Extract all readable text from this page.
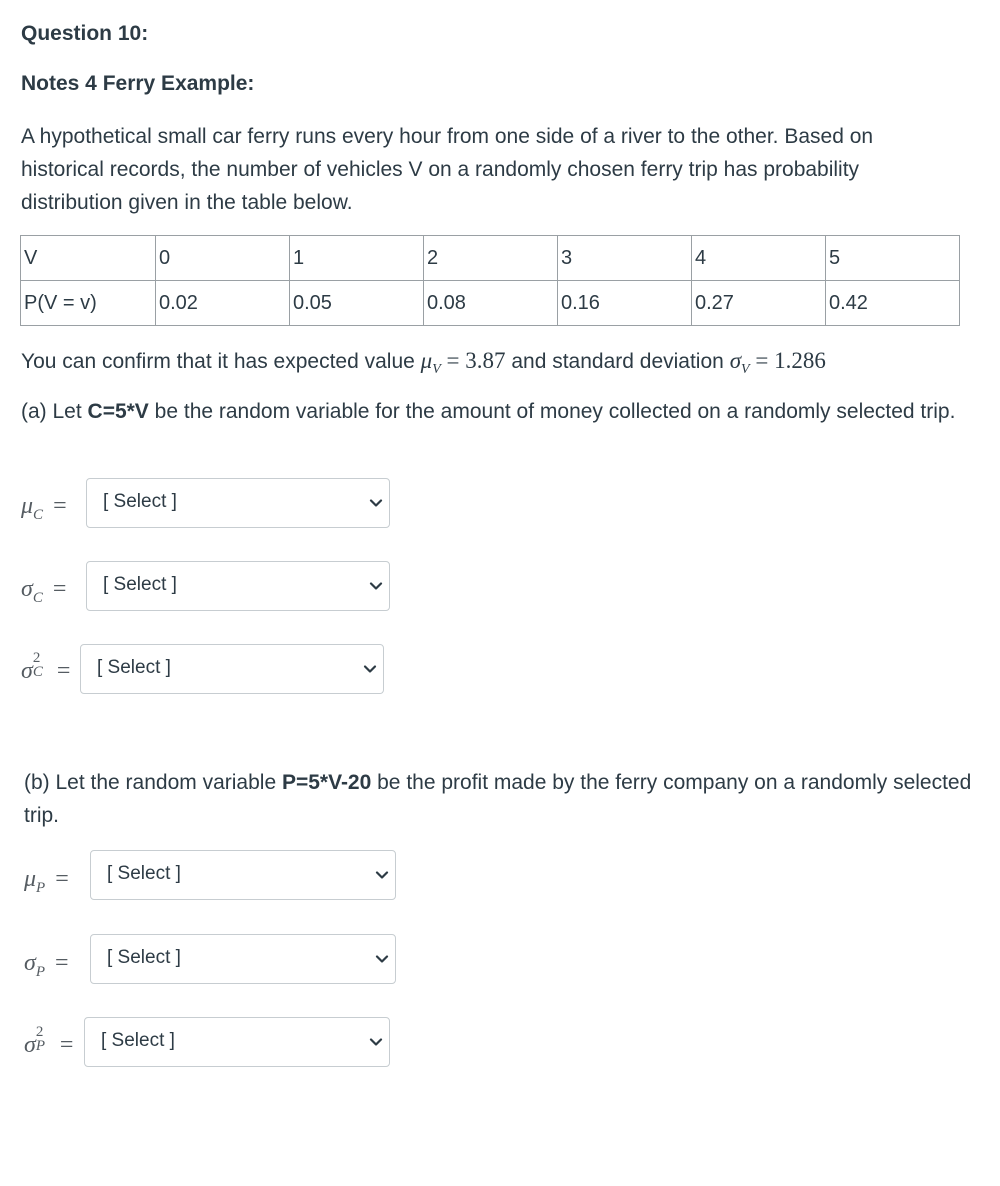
Question 10:
Notes 4 Ferry Example:
A hypothetical small car ferry runs every hour from one side of a river to the other. Based on historical records, the number of vehicles V on a randomly chosen ferry trip has probability distribution given in the table below.
V	0	1	2	3	4	5
P(V = v)	0.02	0.05	0.08	0.16	0.27	0.42
You can confirm that it has expected value $\mu_V = 3.87$ and standard deviation $\sigma_V = 1.286$
(a) Let C=5*V be the random variable for the amount of money collected on a randomly selected trip.
$\mu_C$ = [ Select ]
$\sigma_C$ = [ Select ]
σ 2
C = [ Select ]
(b) Let the random variable P=5*V-20 be the profit made by the ferry company on a randomly selected trip.
$\mu_P$ = [ Select ]
$\sigma_P$ = [ Select ]
σ 2
P = [ Select ]
